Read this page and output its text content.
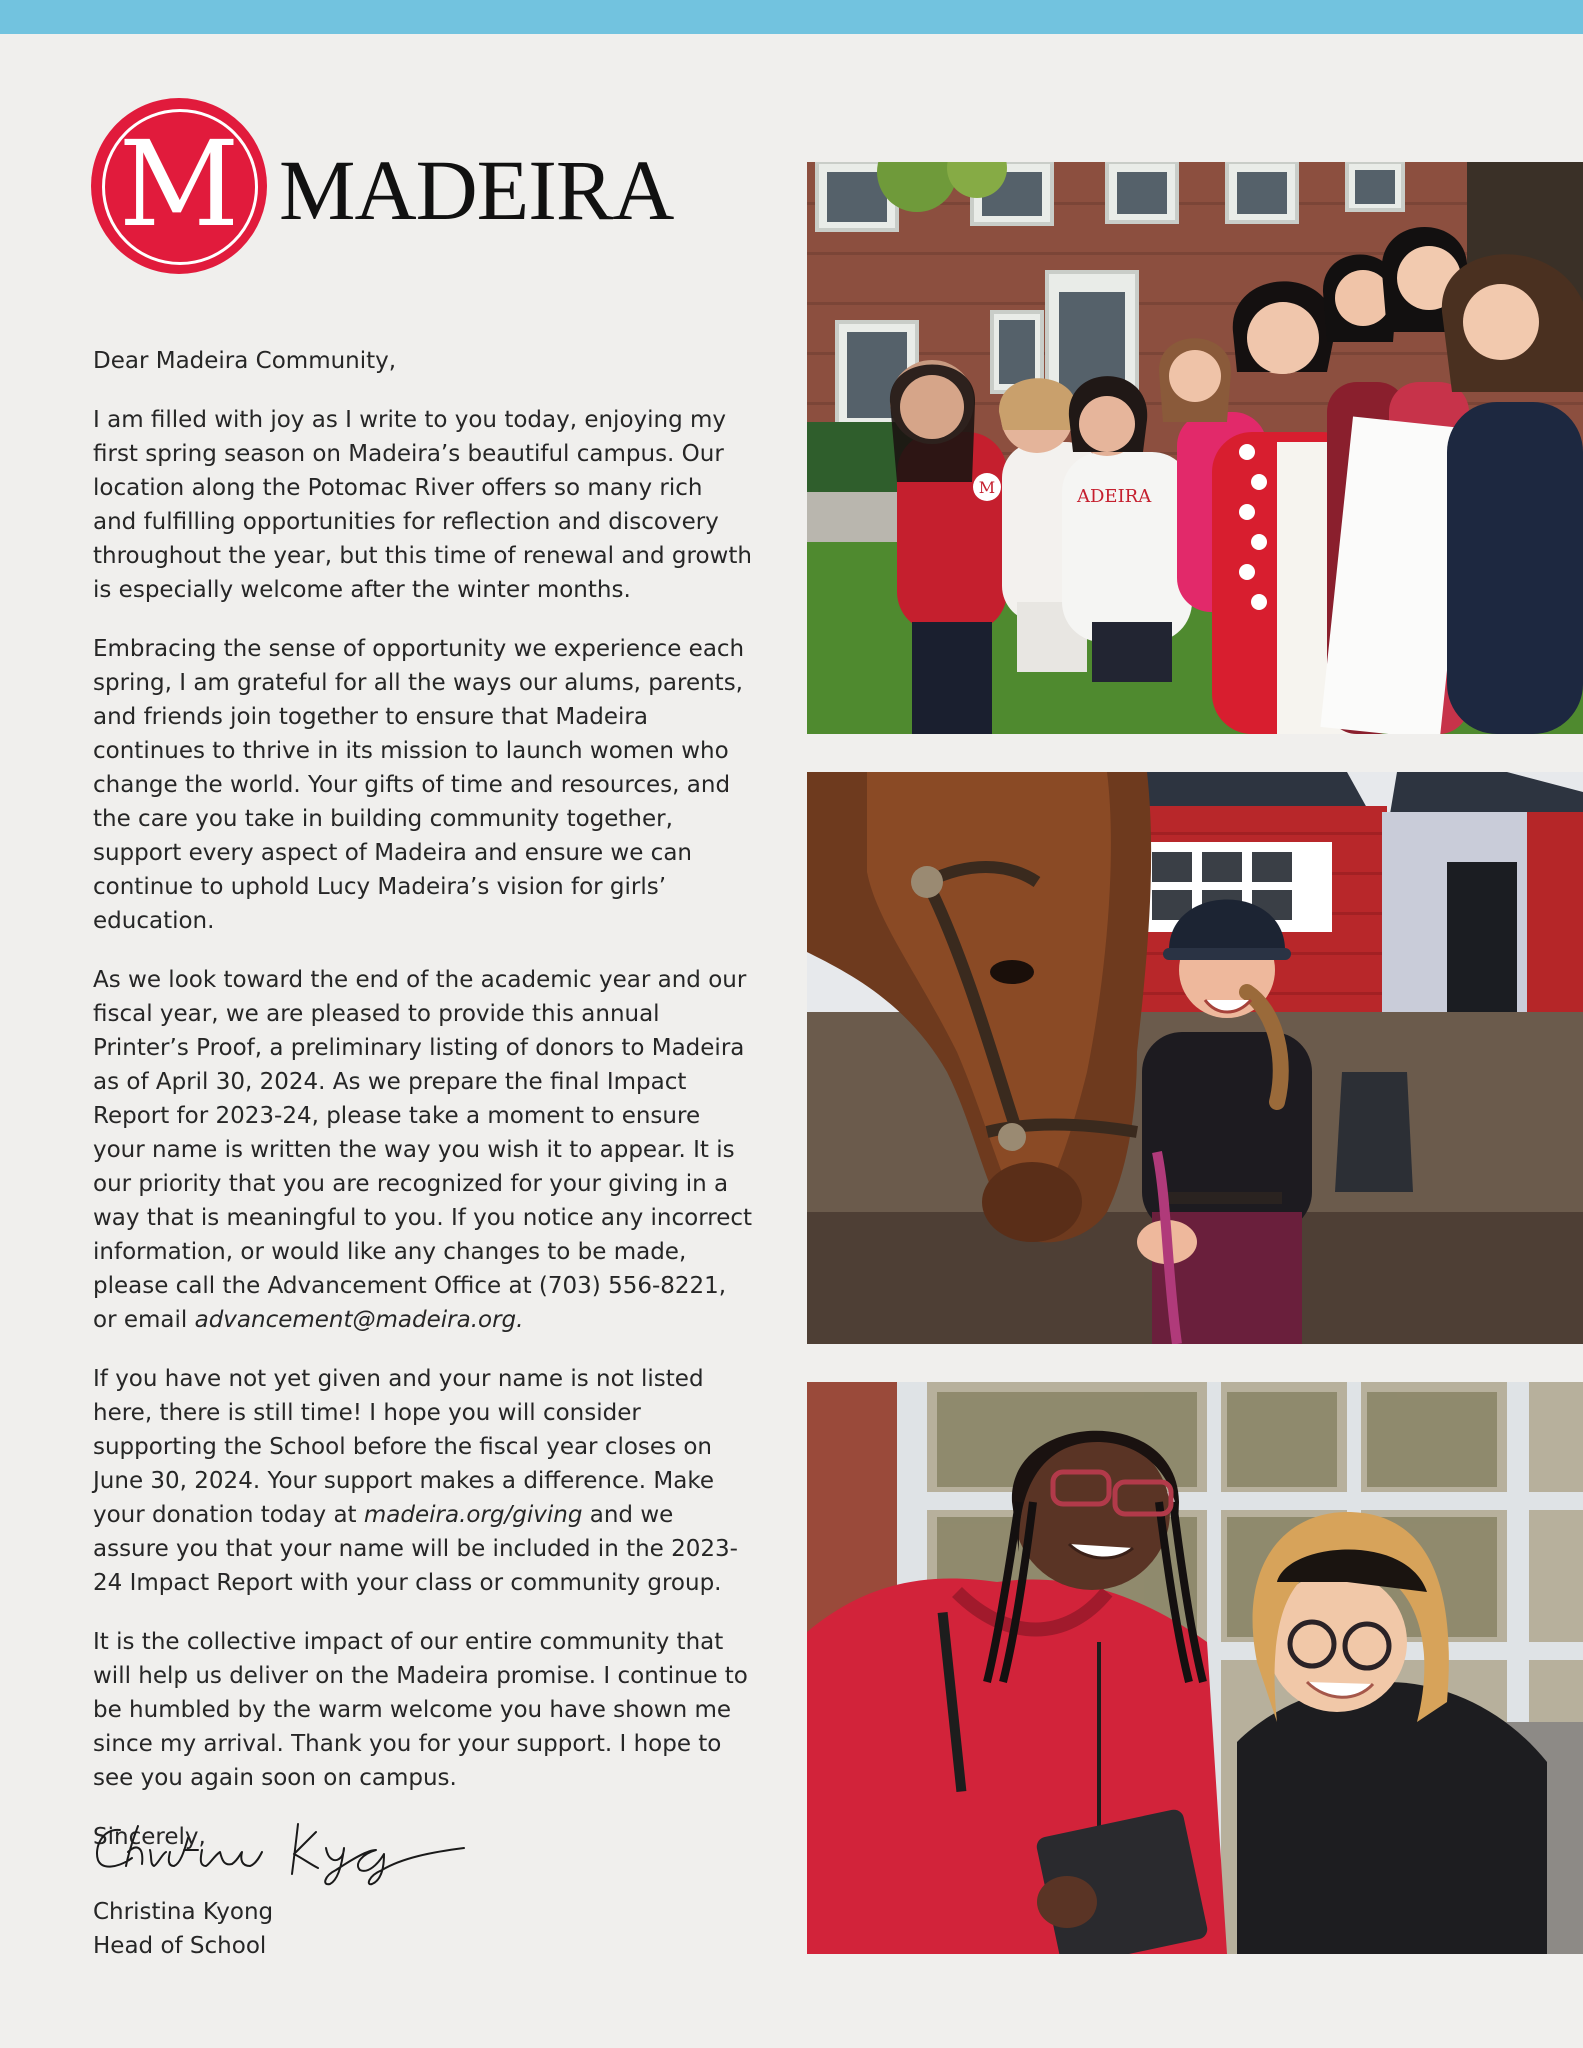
M MADEIRA

Dear Madeira Community,

I am filled with joy as I write to you today, enjoying my first spring season on Madeira’s beautiful campus. Our location along the Potomac River offers so many rich and fulfilling opportunities for reflection and discovery throughout the year, but this time of renewal and growth is especially welcome after the winter months.

Embracing the sense of opportunity we experience each spring, I am grateful for all the ways our alums, parents, and friends join together to ensure that Madeira continues to thrive in its mission to launch women who change the world. Your gifts of time and resources, and the care you take in building community together, support every aspect of Madeira and ensure we can continue to uphold Lucy Madeira’s vision for girls’ education.

As we look toward the end of the academic year and our fiscal year, we are pleased to provide this annual Printer’s Proof, a preliminary listing of donors to Madeira as of April 30, 2024. As we prepare the final Impact Report for 2023-24, please take a moment to ensure your name is written the way you wish it to appear. It is our priority that you are recognized for your giving in a way that is meaningful to you. If you notice any incorrect information, or would like any changes to be made, please call the Advancement Office at (703) 556-8221, or email advancement@madeira.org.

If you have not yet given and your name is not listed here, there is still time! I hope you will consider supporting the School before the fiscal year closes on June 30, 2024. Your support makes a difference. Make your donation today at madeira.org/giving and we assure you that your name will be included in the 2023-24 Impact Report with your class or community group.

It is the collective impact of our entire community that will help us deliver on the Madeira promise. I continue to be humbled by the warm welcome you have shown me since my arrival. Thank you for your support. I hope to see you again soon on campus.

Sincerely,

Christina Kyong
Head of School
M	ADEIRA
